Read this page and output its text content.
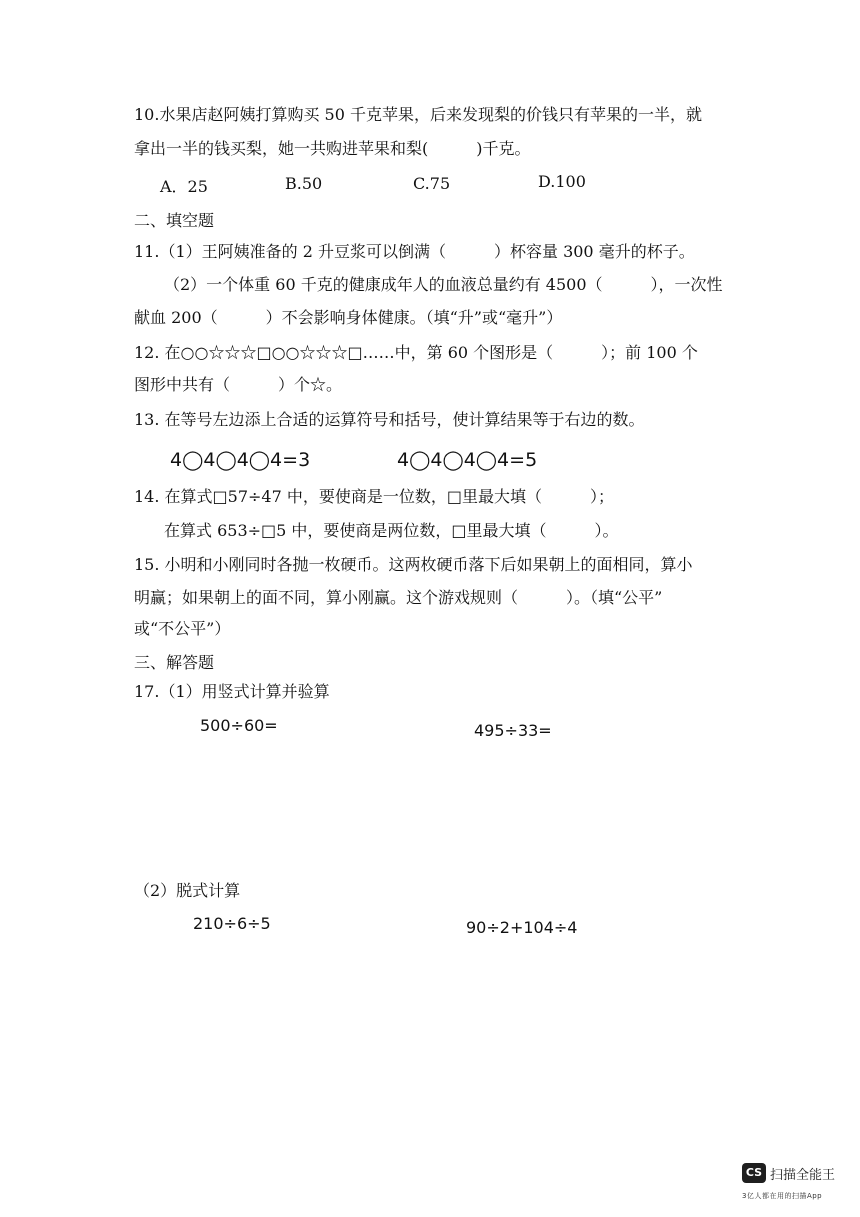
10.水果店赵阿姨打算购买 50 千克苹果，后来发现梨的价钱只有苹果的一半，就
拿出一半的钱买梨，她一共购进苹果和梨(　　　)千克。
A．25	B.50	C.75	D.100
二、填空题
11.（1）王阿姨准备的 2 升豆浆可以倒满（　　　）杯容量 300 毫升的杯子。
（2）一个体重 60 千克的健康成年人的血液总量约有 4500（　　　），一次性
献血 200（　　　）不会影响身体健康。（填“升”或“毫升”）
12. 在○○☆☆☆□○○☆☆☆□……中，第 60 个图形是（　　　）；前 100 个
图形中共有（　　　）个☆。
13. 在等号左边添上合适的运算符号和括号，使计算结果等于右边的数。
4◯4◯4◯4=3	4◯4◯4◯4=5
14. 在算式□57÷47 中，要使商是一位数，□里最大填（　　　）；
在算式 653÷□5 中，要使商是两位数，□里最大填（　　　）。
15. 小明和小刚同时各抛一枚硬币。这两枚硬币落下后如果朝上的面相同，算小
明赢；如果朝上的面不同，算小刚赢。这个游戏规则（　　　）。（填“公平”
或“不公平”）
三、解答题
17.（1）用竖式计算并验算
500÷60=	495÷33=
（2）脱式计算
210÷6÷5	90÷2+104÷4
CS 扫描全能王
3亿人都在用的扫描App
